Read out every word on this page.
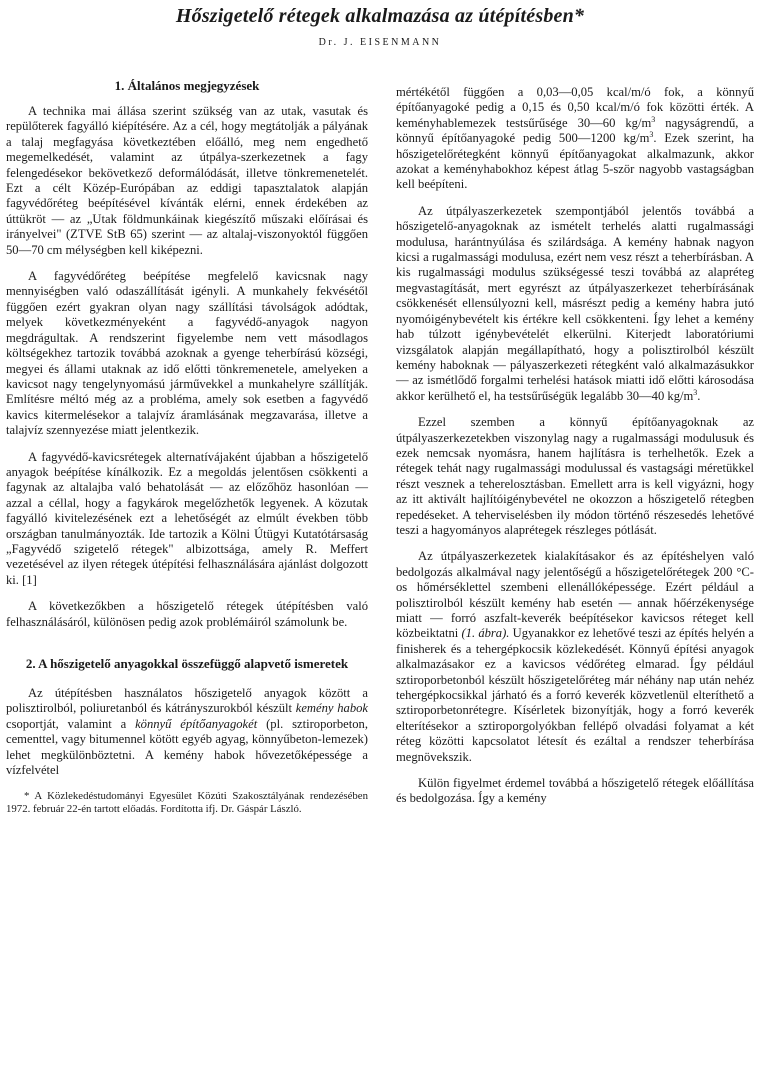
Hőszigetelő rétegek alkalmazása az útépítésben*
Dr. J. EISENMANN
1. Általános megjegyzések

A technika mai állása szerint szükség van az utak, vasutak és repülőterek fagyálló kiépítésére. Az a cél, hogy megtátolják a pályának a talaj megfagyása következtében előálló, meg nem engedhető megemelkedését, valamint az útpálya-szerkezetnek a fagy felengedésekor bekövetkező deformálódását, illetve tönkremenetelét. Ezt a célt Közép-Európában az eddigi tapasztalatok alapján fagyvédőréteg beépítésével kívánták elérni, ennek érdekében az úttükröt — az „Utak földmunkáinak kiegészítő műszaki előírásai és irányelvei" (ZTVE StB 65) szerint — az altalaj-viszonyoktól függően 50—70 cm mélységben kell kiképezni.

A fagyvédőréteg beépítése megfelelő kavicsnak nagy mennyiségben való odaszállítását igényli. A munkahely fekvésétől függően ezért gyakran olyan nagy szállítási távolságok adódtak, melyek következményeként a fagyvédő-anyagok nagyon megdrágultak. A rendszerint figyelembe nem vett másodlagos költségekhez tartozik továbbá azoknak a gyenge teherbírású községi, megyei és állami utaknak az idő előtti tönkremenetele, amelyeken a kavicsot nagy tengelynyomású járművekkel a munkahelyre szállítják. Említésre méltó még az a probléma, amely sok esetben a fagyvédő kavics kitermelésekor a talajvíz áramlásának megzavarása, illetve a talajvíz szennyezése miatt jelentkezik.

A fagyvédő-kavicsrétegek alternatívájaként újabban a hőszigetelő anyagok beépítése kínálkozik. Ez a megoldás jelentősen csökkenti a fagynak az altalajba való behatolását — az előzőhöz hasonlóan — azzal a céllal, hogy a fagykárok megelőzhetők legyenek. A közutak fagyálló kivitelezésének ezt a lehetőségét az elmúlt években több országban tanulmányozták. Ide tartozik a Kölni Útügyi Kutatótársaság „Fagyvédő szigetelő rétegek" albizottsága, amely R. Meffert vezetésével az ilyen rétegek útépítési felhasználására ajánlást dolgozott ki. [1]

A következőkben a hőszigetelő rétegek útépítésben való felhasználásáról, különösen pedig azok problémáiról számolunk be.

2. A hőszigetelő anyagokkal összefüggő alapvető ismeretek

Az útépítésben használatos hőszigetelő anyagok között a polisztirolból, poliuretanból és kátrányszurokból készült kemény habok csoportját, valamint a könnyű építőanyagokét (pl. sztiroporbeton, cementtel, vagy bitumennel kötött egyéb agyag, könnyűbeton-lemezek) lehet megkülönböztetni. A kemény habok hővezetőképessége a vízfelvétel

* A Közlekedéstudományi Egyesület Közúti Szakosztályának rendezésében 1972. február 22-én tartott előadás. Fordította ifj. Dr. Gáspár László.

mértékétől függően a 0,03—0,05 kcal/m/ó fok, a könnyű építőanyagoké pedig a 0,15 és 0,50 kcal/m/ó fok közötti érték. A keményhablemezek testsűrűsége 30—60 $kg/m^3$ nagyságrendű, a könnyű építőanyagoké pedig 500—1200 $kg/m^3$. Ezek szerint, ha hőszigetelőrétegként könnyű építőanyagokat alkalmazunk, akkor azokat a keményhabokhoz képest átlag 5-ször nagyobb vastagságban kell beépíteni.

Az útpályaszerkezetek szempontjából jelentős továbbá a hőszigetelő-anyagoknak az ismételt terhelés alatti rugalmassági modulusa, harántnyúlása és szilárdsága. A kemény habnak nagyon kicsi a rugalmassági modulusa, ezért nem vesz részt a teherbírásban. A kis rugalmassági modulus szükségessé teszi továbbá az alapréteg megvastagítását, mert egyrészt az útpályaszerkezet teherbírásának csökkenését ellensúlyozni kell, másrészt pedig a kemény habra jutó nyomóigénybevételt kis értékre kell csökkenteni. Így lehet a kemény hab túlzott igénybevételét elkerülni. Kiterjedt laboratóriumi vizsgálatok alapján megállapítható, hogy a polisztirolból készült kemény haboknak — pályaszerkezeti rétegként való alkalmazásukkor — az ismétlődő forgalmi terhelési hatások miatti idő előtti károsodása akkor kerülhető el, ha testsűrűségük legalább 30—40 $kg/m^3$.

Ezzel szemben a könnyű építőanyagoknak az útpályaszerkezetekben viszonylag nagy a rugalmassági modulusuk és ezek nemcsak nyomásra, hanem hajlításra is terhelhetők. Ezek a rétegek tehát nagy rugalmassági modulussal és vastagsági méretükkel részt vesznek a teherelosztásban. Emellett arra is kell vigyázni, hogy az itt aktivált hajlítóigénybevétel ne okozzon a hőszigetelő rétegben repedéseket. A teherviselésben ily módon történő részesedés lehetővé teszi a hagyományos alaprétegek részleges pótlását.

Az útpályaszerkezetek kialakításakor és az építéshelyen való bedolgozás alkalmával nagy jelentőségű a hőszigetelőrétegek 200 °C-os hőmérséklettel szembeni ellenállóképessége. Ezért például a polisztirolból készült kemény hab esetén — annak hőérzékenysége miatt — forró aszfalt-keverék beépítésekor kavicsos réteget kell közbeiktatni (1. ábra). Ugyanakkor ez lehetővé teszi az építés helyén a finisherek és a tehergépkocsik közlekedését. Könnyű építési anyagok alkalmazásakor ez a kavicsos védőréteg elmarad. Így például sztiroporbetonból készült hőszigetelőréteg már néhány nap után nehéz tehergépkocsikkal járható és a forró keverék közvetlenül elteríthető a sztiroporbetonrétegre. Kísérletek bizonyítják, hogy a forró keverék elterítésekor a sztiroporgolyókban fellépő olvadási folyamat a két réteg közötti kapcsolatot létesít és ezáltal a rendszer teherbírása megnövekszik.

Külön figyelmet érdemel továbbá a hőszigetelő rétegek előállítása és bedolgozása. Így a kemény
